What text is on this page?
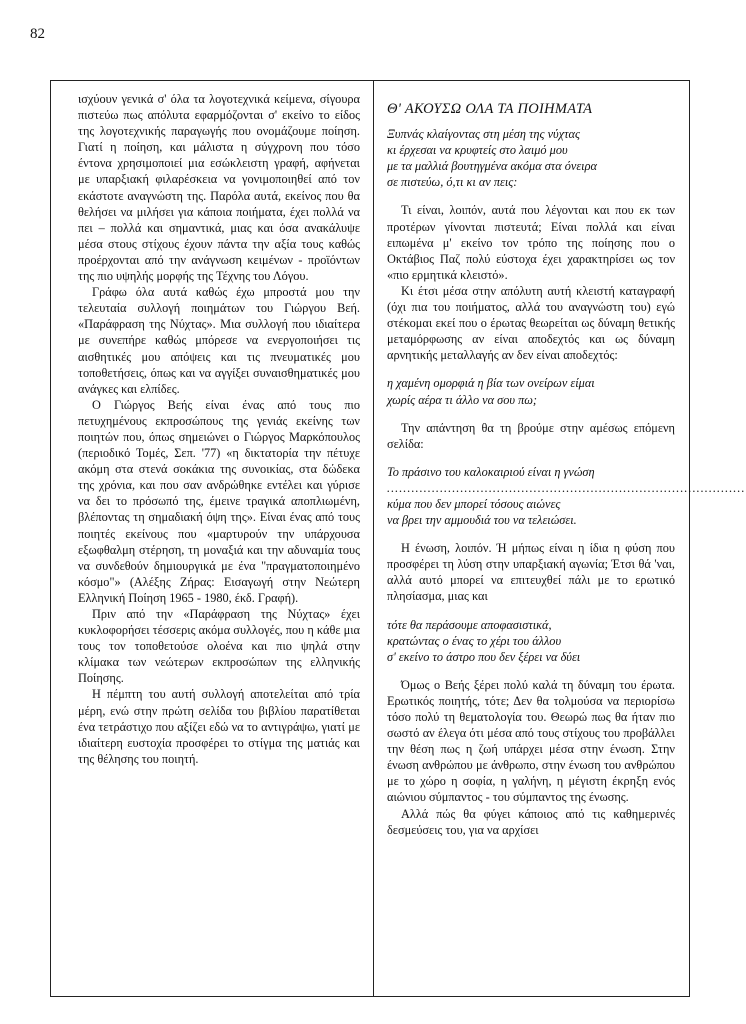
82

ισχύουν γενικά σ' όλα τα λογοτεχνικά κείμενα, σίγουρα πιστεύω πως απόλυτα εφαρμόζονται σ' εκείνο το είδος της λογοτεχνικής παραγωγής που ονομάζουμε ποίηση. Γιατί η ποίηση, και μάλιστα η σύγχρονη που τόσο έντονα χρησιμοποιεί μια εσώκλειστη γραφή, αφήνεται με υπαρξιακή φιλαρέσκεια να γονιμοποιηθεί από τον εκάστοτε αναγνώστη της. Παρόλα αυτά, εκείνος που θα θελήσει να μιλήσει για κάποια ποιήματα, έχει πολλά να πει – πολλά και σημαντικά, μιας και όσα ανακάλυψε μέσα στους στίχους έχουν πάντα την αξία τους καθώς προέρχονται από την ανάγνωση κειμένων - προϊόντων της πιο υψηλής μορφής της Τέχνης του Λόγου.

Γράφω όλα αυτά καθώς έχω μπροστά μου την τελευταία συλλογή ποιημάτων του Γιώργου Βεή. «Παράφραση της Νύχτας». Μια συλλογή που ιδιαίτερα με συνεπήρε καθώς μπόρεσε να ενεργοποιήσει τις αισθητικές μου απόψεις και τις πνευματικές μου τοποθετήσεις, όπως και να αγγίξει συναισθηματικές μου ανάγκες και ελπίδες.

Ο Γιώργος Βεής είναι ένας από τους πιο πετυχημένους εκπροσώπους της γενιάς εκείνης των ποιητών που, όπως σημειώνει ο Γιώργος Μαρκόπουλος (περιοδικό Τομές, Σεπ. '77) «η δικτατορία την πέτυχε ακόμη στα στενά σοκάκια της συνοικίας, στα δώδεκα της χρόνια, και που σαν ανδρώθηκε εντέλει και γύρισε να δει το πρόσωπό της, έμεινε τραγικά αποπλιωμένη, βλέποντας τη σημαδιακή όψη της». Είναι ένας από τους ποιητές εκείνους που «μαρτυρούν την υπάρχουσα εξωφθαλμη στέρηση, τη μοναξιά και την αδυναμία τους να συνδεθούν δημιουργικά με ένα "πραγματοποιημένο κόσμο"» (Αλέξης Ζήρας: Εισαγωγή στην Νεώτερη Ελληνική Ποίηση 1965 - 1980, έκδ. Γραφή).

Πριν από την «Παράφραση της Νύχτας» έχει κυκλοφορήσει τέσσερις ακόμα συλλογές, που η κάθε μια τους τον τοποθετούσε ολοένα και πιο ψηλά στην κλίμακα των νεώτερων εκπροσώπων της ελληνικής Ποίησης.

Η πέμπτη του αυτή συλλογή αποτελείται από τρία μέρη, ενώ στην πρώτη σελίδα του βιβλίου παρατίθεται ένα τετράστιχο που αξίζει εδώ να το αντιγράψω, γιατί με ιδιαίτερη ευστοχία προσφέρει το στίγμα της ματιάς και της θέλησης του ποιητή.

Θ' ΑΚΟΥΣΩ ΟΛΑ ΤΑ ΠΟΙΗΜΑΤΑ
Ξυπνάς κλαίγοντας στη μέση της νύχτας
κι έρχεσαι να κρυφτείς στο λαιμό μου
με τα μαλλιά βουτηγμένα ακόμα στα όνειρα
σε πιστεύω, ό,τι κι αν πεις:

Τι είναι, λοιπόν, αυτά που λέγονται και που εκ των προτέρων γίνονται πιστευτά; Είναι πολλά και είναι ειπωμένα μ' εκείνο τον τρόπο της ποίησης που ο Οκτάβιος Παζ πολύ εύστοχα έχει χαρακτηρίσει ως τον «πιο ερμητικά κλειστό».

Κι έτσι μέσα στην απόλυτη αυτή κλειστή καταγραφή (όχι πια του ποιήματος, αλλά του αναγνώστη του) εγώ στέκομαι εκεί που ο έρωτας θεωρείται ως δύναμη θετικής μεταμόρφωσης αν είναι αποδεχτός και ως δύναμη αρνητικής μεταλλαγής αν δεν είναι αποδεχτός:

η χαμένη ομορφιά η βία των ονείρων είμαι
χωρίς αέρα τι άλλο να σου πω;

Την απάντηση θα τη βρούμε στην αμέσως επόμενη σελίδα:

Το πράσινο του καλοκαιριού είναι η γνώση
........................................................................................
κύμα που δεν μπορεί τόσους αιώνες
να βρει την αμμουδιά του να τελειώσει.

Η ένωση, λοιπόν. Ή μήπως είναι η ίδια η φύση που προσφέρει τη λύση στην υπαρξιακή αγωνία; Έτσι θά 'ναι, αλλά αυτό μπορεί να επιτευχθεί πάλι με το ερωτικό πλησίασμα, μιας και

τότε θα περάσουμε αποφασιστικά,
κρατώντας ο ένας το χέρι του άλλου
σ' εκείνο το άστρο που δεν ξέρει να δύει

Όμως ο Βεής ξέρει πολύ καλά τη δύναμη του έρωτα. Ερωτικός ποιητής, τότε; Δεν θα τολμούσα να περιορίσω τόσο πολύ τη θεματολογία του. Θεωρώ πως θα ήταν πιο σωστό αν έλεγα ότι μέσα από τους στίχους του προβάλλει την θέση πως η ζωή υπάρχει μέσα στην ένωση. Στην ένωση ανθρώπου με άνθρωπο, στην ένωση του ανθρώπου με το χώρο η σοφία, η γαλήνη, η μέγιστη έκρηξη ενός αιώνιου σύμπαντος - του σύμπαντος της ένωσης.

Αλλά πώς θα φύγει κάποιος από τις καθημερινές δεσμεύσεις του, για να αρχίσει
